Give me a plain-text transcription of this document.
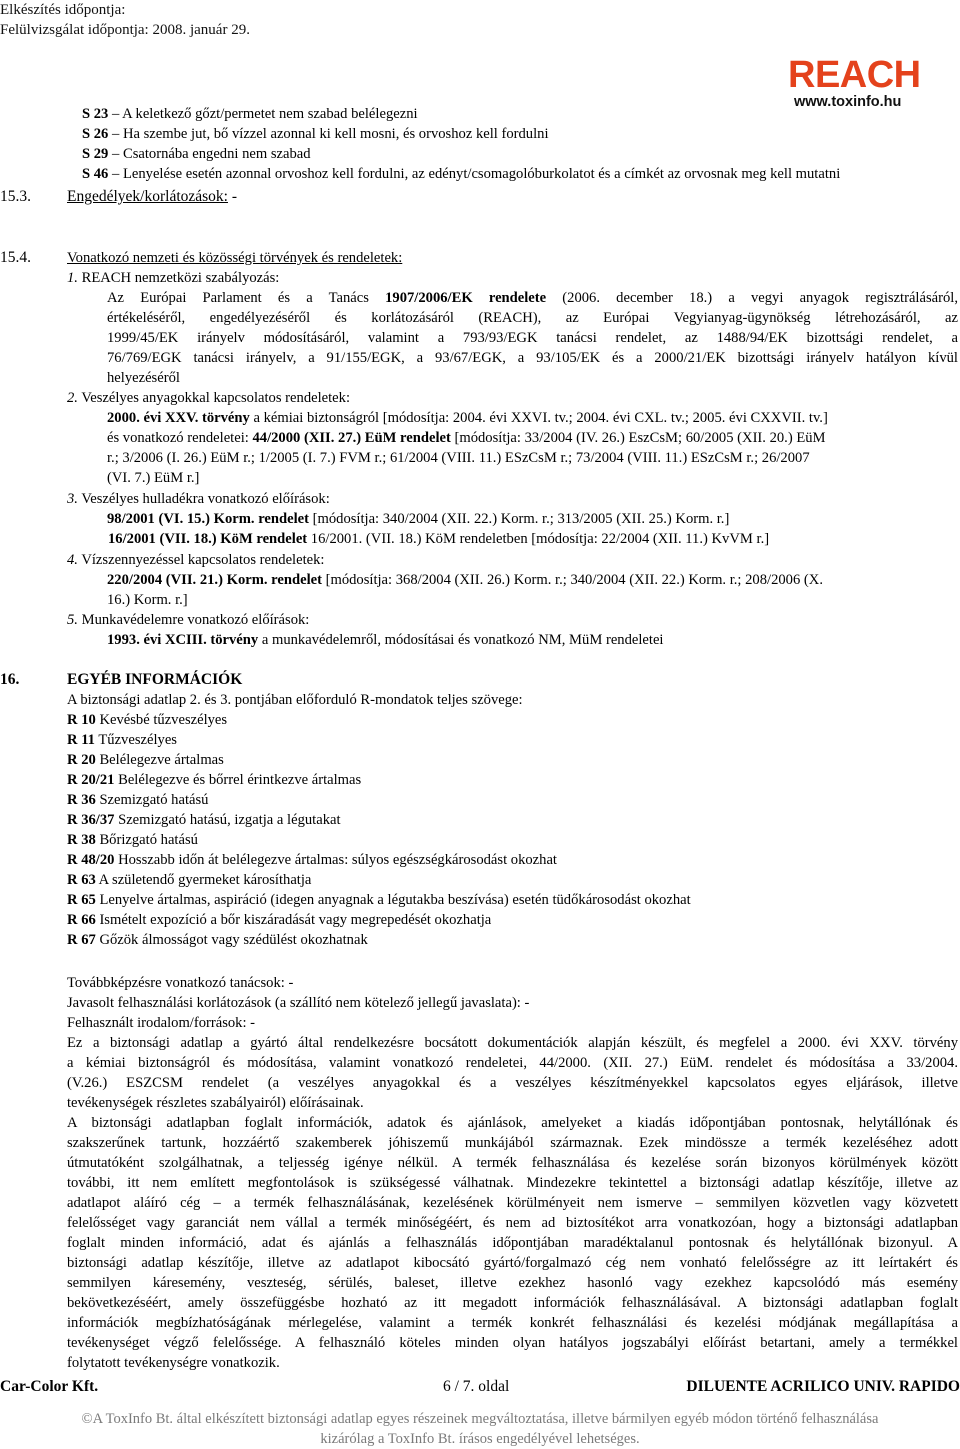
Elkészítés időpontja:
Felülvizsgálat időpontja: 2008. január 29.
REACH
www.toxinfo.hu
S 23 – A keletkező gőzt/permetet nem szabad belélegezni
S 26 – Ha szembe jut, bő vízzel azonnal ki kell mosni, és orvoshoz kell fordulni
S 29 – Csatornába engedni nem szabad
S 46 – Lenyelése esetén azonnal orvoshoz kell fordulni, az edényt/csomagolóburkolatot és a címkét az orvosnak meg kell mutatni
15.3. Engedélyek/korlátozások: -
15.4. Vonatkozó nemzeti és közösségi törvények és rendeletek:
1. REACH nemzetközi szabályozás:
Az Európai Parlament és a Tanács 1907/2006/EK rendelete (2006. december 18.) a vegyi anyagok regisztrálásáról,
értékeléséről, engedélyezéséről és korlátozásáról (REACH), az Európai Vegyianyag-ügynökség létrehozásáról, az
1999/45/EK irányelv módosításáról, valamint a 793/93/EGK tanácsi rendelet, az 1488/94/EK bizottsági rendelet, a
76/769/EGK tanácsi irányelv, a 91/155/EGK, a 93/67/EGK, a 93/105/EK és a 2000/21/EK bizottsági irányelv hatályon kívül
helyezéséről
2. Veszélyes anyagokkal kapcsolatos rendeletek:
2000. évi XXV. törvény a kémiai biztonságról [módosítja: 2004. évi XXVI. tv.; 2004. évi CXL. tv.; 2005. évi CXXVII. tv.]
és vonatkozó rendeletei: 44/2000 (XII. 27.) EüM rendelet [módosítja: 33/2004 (IV. 26.) EszCsM; 60/2005 (XII. 20.) EüM
r.; 3/2006 (I. 26.) EüM r.; 1/2005 (I. 7.) FVM r.; 61/2004 (VIII. 11.) ESzCsM r.; 73/2004 (VIII. 11.) ESzCsM r.; 26/2007
(VI. 7.) EüM r.]
3. Veszélyes hulladékra vonatkozó előírások:
98/2001 (VI. 15.) Korm. rendelet [módosítja: 340/2004 (XII. 22.) Korm. r.; 313/2005 (XII. 25.) Korm. r.]
16/2001 (VII. 18.) KöM rendelet 16/2001. (VII. 18.) KöM rendeletben [módosítja: 22/2004 (XII. 11.) KvVM r.]
4. Vízszennyezéssel kapcsolatos rendeletek:
220/2004 (VII. 21.) Korm. rendelet [módosítja: 368/2004 (XII. 26.) Korm. r.; 340/2004 (XII. 22.) Korm. r.; 208/2006 (X.
16.) Korm. r.]
5. Munkavédelemre vonatkozó előírások:
1993. évi XCIII. törvény a munkavédelemről, módosításai és vonatkozó NM, MüM rendeletei
16.	EGYÉB INFORMÁCIÓK
A biztonsági adatlap 2. és 3. pontjában előforduló R-mondatok teljes szövege:
R 10 Kevésbé tűzveszélyes
R 11 Tűzveszélyes
R 20 Belélegezve ártalmas
R 20/21 Belélegezve és bőrrel érintkezve ártalmas
R 36 Szemizgató hatású
R 36/37 Szemizgató hatású, izgatja a légutakat
R 38 Bőrizgató hatású
R 48/20 Hosszabb időn át belélegezve ártalmas: súlyos egészségkárosodást okozhat
R 63 A születendő gyermeket károsíthatja
R 65 Lenyelve ártalmas, aspiráció (idegen anyagnak a légutakba beszívása) esetén tüdőkárosodást okozhat
R 66 Ismételt expozíció a bőr kiszáradását vagy megrepedését okozhatja
R 67 Gőzök álmosságot vagy szédülést okozhatnak
Továbbképzésre vonatkozó tanácsok: -
Javasolt felhasználási korlátozások (a szállító nem kötelező jellegű javaslata): -
Felhasznált irodalom/források: -
Ez a biztonsági adatlap a gyártó által rendelkezésre bocsátott dokumentációk alapján készült, és megfelel a 2000. évi XXV. törvény
a kémiai biztonságról és módosítása, valamint vonatkozó rendeletei, 44/2000. (XII. 27.) EüM. rendelet és módosítása a 33/2004.
(V.26.) ESZCSM rendelet (a veszélyes anyagokkal és a veszélyes készítményekkel kapcsolatos egyes eljárások, illetve
tevékenységek részletes szabályairól) előírásainak.
A biztonsági adatlapban foglalt információk, adatok és ajánlások, amelyeket a kiadás időpontjában pontosnak, helytállónak és
szakszerűnek tartunk, hozzáértő szakemberek jóhiszemű munkájából származnak. Ezek mindössze a termék kezeléséhez adott
útmutatóként szolgálhatnak, a teljesség igénye nélkül. A termék felhasználása és kezelése során bizonyos körülmények között
további, itt nem említett megfontolások is szükségessé válhatnak. Mindezekre tekintettel a biztonsági adatlap készítője, illetve az
adatlapot aláíró cég – a termék felhasználásának, kezelésének körülményeit nem ismerve – semmilyen közvetlen vagy közvetett
felelősséget vagy garanciát nem vállal a termék minőségéért, és nem ad biztosítékot arra vonatkozóan, hogy a biztonsági adatlapban
foglalt minden információ, adat és ajánlás a felhasználás időpontjában maradéktalanul pontosnak és helytállónak bizonyul. A
biztonsági adatlap készítője, illetve az adatlapot kibocsátó gyártó/forgalmazó cég nem vonható felelősségre az itt leírtakért és
semmilyen káresemény, veszteség, sérülés, baleset, illetve ezekhez hasonló vagy ezekhez kapcsolódó más esemény
bekövetkezéséért, amely összefüggésbe hozható az itt megadott információk felhasználásával. A biztonsági adatlapban foglalt
információk megbízhatóságának mérlegelése, valamint a termék konkrét felhasználási és kezelési módjának megállapítása a
tevékenységet végző felelőssége. A felhasználó köteles minden olyan hatályos jogszabályi előírást betartani, amely a termékkel
folytatott tevékenységre vonatkozik.
Car-Color Kft.	6 / 7. oldal	DILUENTE ACRILICO UNIV. RAPIDO
©A ToxInfo Bt. által elkészített biztonsági adatlap egyes részeinek megváltoztatása, illetve bármilyen egyéb módon történő felhasználása
kizárólag a ToxInfo Bt. írásos engedélyével lehetséges.
